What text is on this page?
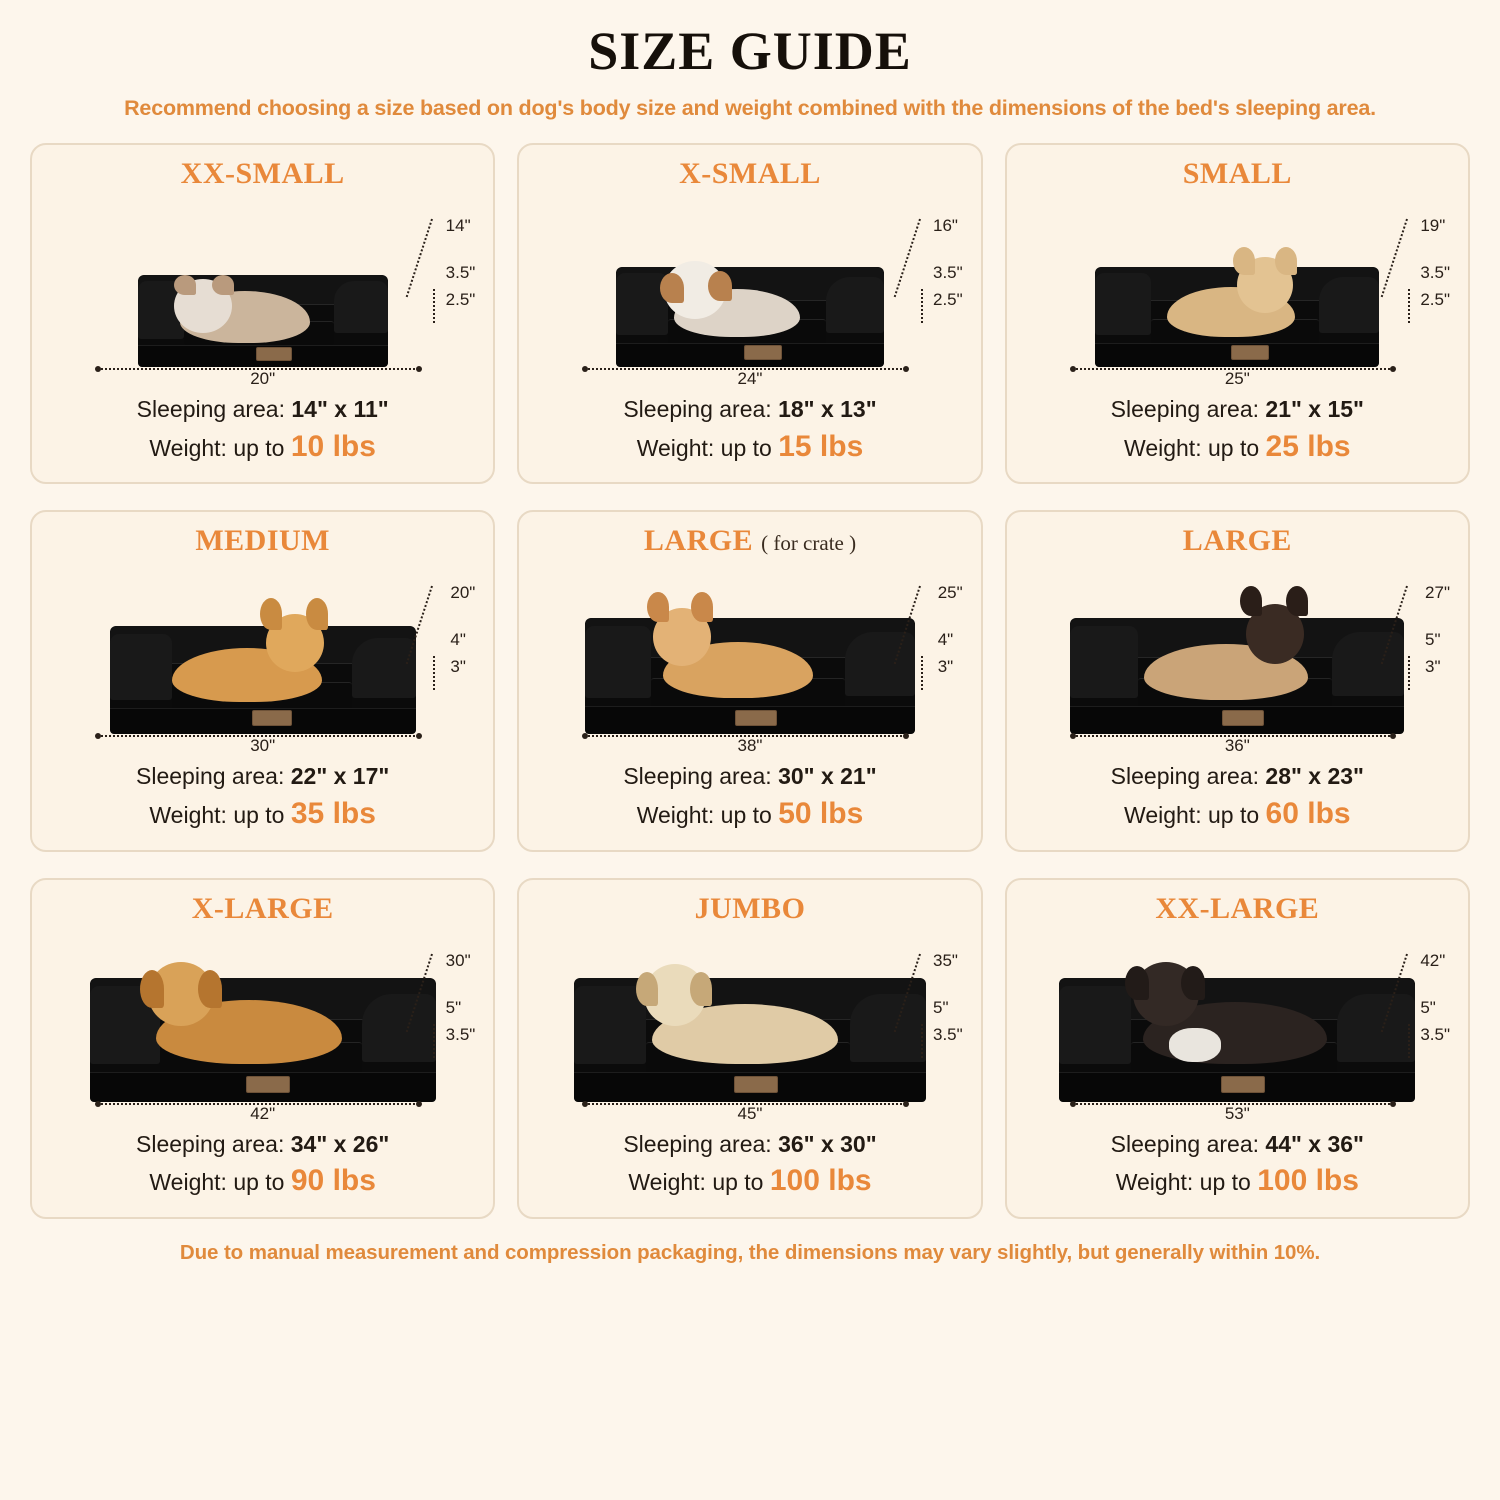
SIZE GUIDE
Recommend choosing a size based on dog's body size and weight combined with the dimensions of the bed's sleeping area.
XX-SMALL
14"
3.5"
2.5"
20"
Sleeping area: 14" x 11"
Weight: up to 10 lbs
X-SMALL
16"
3.5"
2.5"
24"
Sleeping area: 18" x 13"
Weight: up to 15 lbs
SMALL
19"
3.5"
2.5"
25"
Sleeping area: 21" x 15"
Weight: up to 25 lbs
MEDIUM
20"
4"
3"
30"
Sleeping area: 22" x 17"
Weight: up to 35 lbs
LARGE ( for crate )
25"
4"
3"
38"
Sleeping area: 30" x 21"
Weight: up to 50 lbs
LARGE
27"
5"
3"
36"
Sleeping area: 28" x 23"
Weight: up to 60 lbs
X-LARGE
30"
5"
3.5"
42"
Sleeping area: 34" x 26"
Weight: up to 90 lbs
JUMBO
35"
5"
3.5"
45"
Sleeping area: 36" x 30"
Weight: up to 100 lbs
XX-LARGE
42"
5"
3.5"
53"
Sleeping area: 44" x 36"
Weight: up to 100 lbs
Due to manual measurement and compression packaging, the dimensions may vary slightly, but generally within 10%.
